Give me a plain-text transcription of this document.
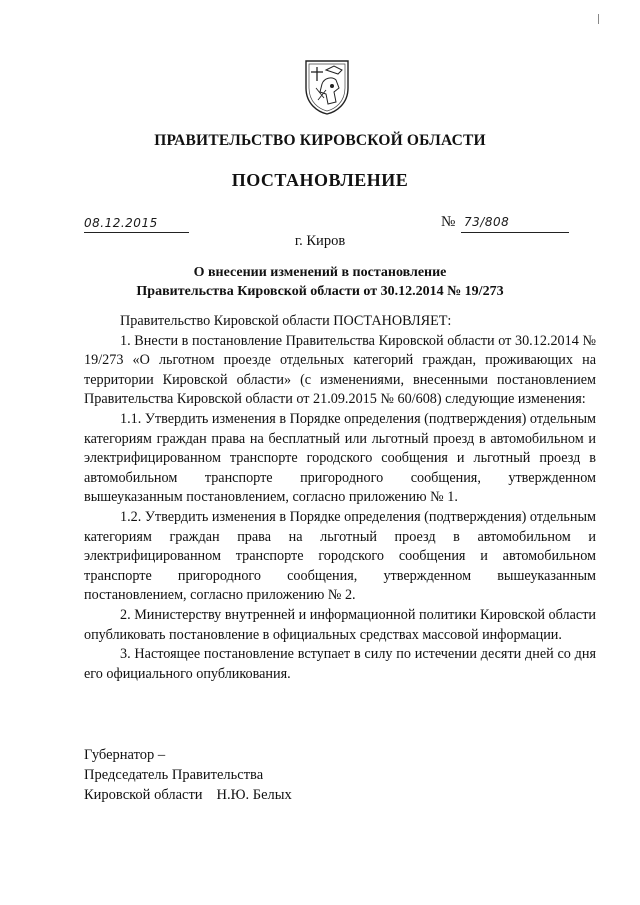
ПРАВИТЕЛЬСТВО КИРОВСКОЙ ОБЛАСТИ
ПОСТАНОВЛЕНИЕ
08.12.2015	№ 73/808
г. Киров
О внесении изменений в постановление
Правительства Кировской области от 30.12.2014 № 19/273

Правительство Кировской области ПОСТАНОВЛЯЕТ:

1. Внести в постановление Правительства Кировской области от 30.12.2014 № 19/273 «О льготном проезде отдельных категорий граждан, проживающих на территории Кировской области» (с изменениями, внесенными постановлением Правительства Кировской области от 21.09.2015 № 60/608) следующие изменения:

1.1. Утвердить изменения в Порядке определения (подтверждения) отдельным категориям граждан права на бесплатный или льготный проезд в автомобильном и электрифицированном транспорте городского сообщения и льготный проезд в автомобильном транспорте пригородного сообщения, утвержденном вышеуказанным постановлением, согласно приложению № 1.

1.2. Утвердить изменения в Порядке определения (подтверждения) отдельным категориям граждан права на льготный проезд в автомобильном и электрифицированном транспорте городского сообщения и автомобильном транспорте пригородного сообщения, утвержденном вышеуказанным постановлением, согласно приложению № 2.

2. Министерству внутренней и информационной политики Кировской области опубликовать постановление в официальных средствах массовой информации.

3. Настоящее постановление вступает в силу по истечении десяти дней со дня его официального опубликования.

Губернатор –
Председатель Правительства
Кировской области Н.Ю. Белых
